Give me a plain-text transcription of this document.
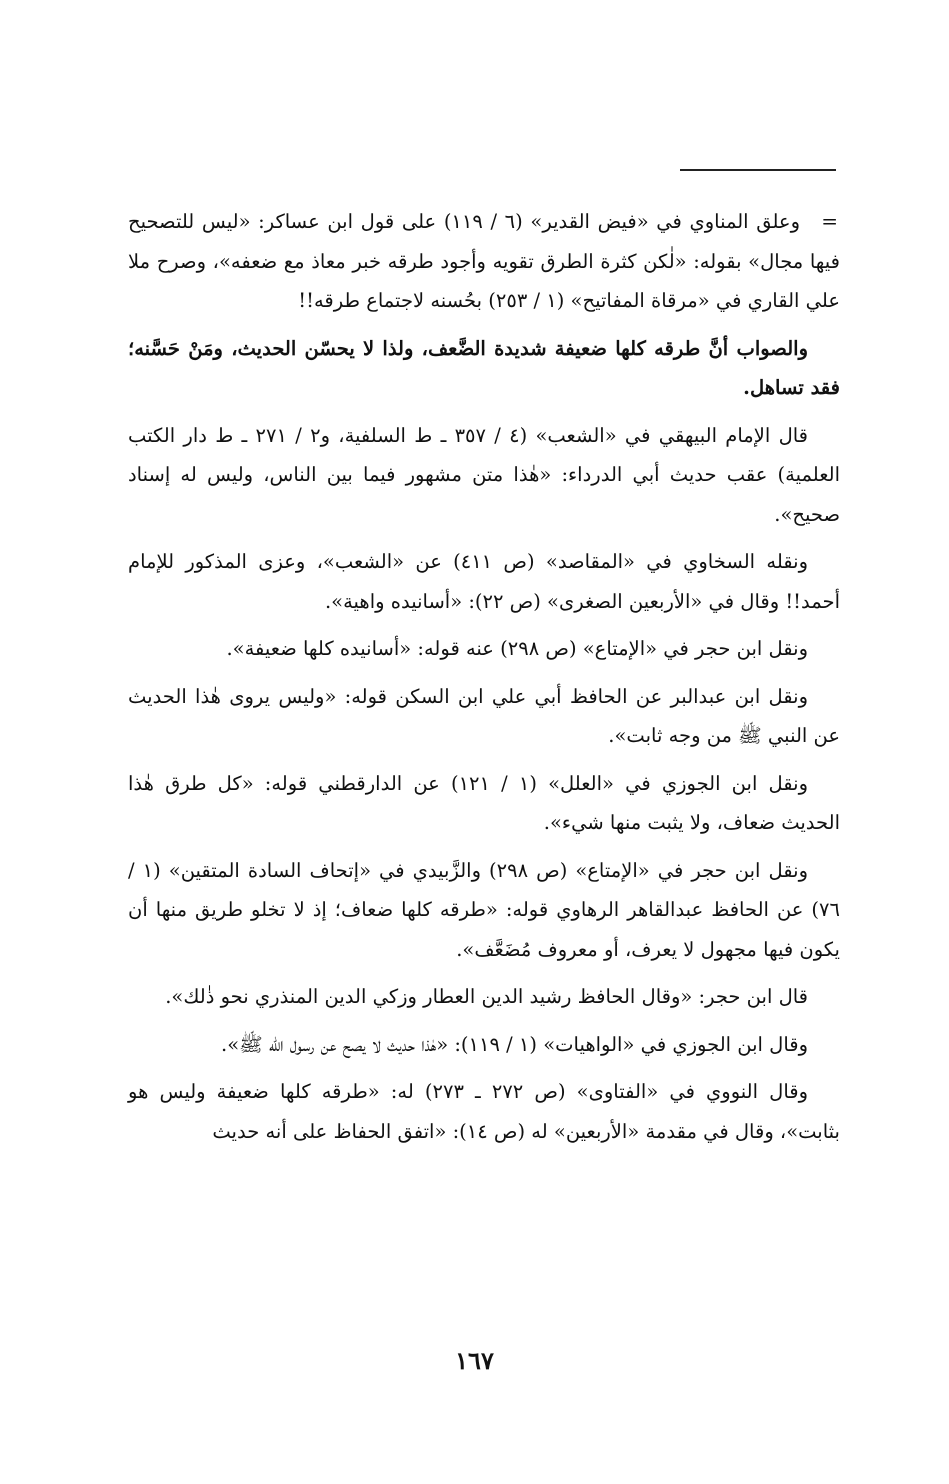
=

وعلق المناوي في «فيض القدير» (٦ / ١١٩) على قول ابن عساكر: «ليس للتصحيح فيها مجال» بقوله: «لٰكن كثرة الطرق تقويه وأجود طرقه خبر معاذ مع ضعفه»، وصرح ملا علي القاري في «مرقاة المفاتيح» (١ / ٢٥٣) بحُسنه لاجتماع طرقه!!

والصواب أنَّ طرقه كلها ضعيفة شديدة الضَّعف، ولذا لا يحسّن الحديث، ومَنْ حَسَّنه؛ فقد تساهل.

قال الإمام البيهقي في «الشعب» (٤ / ٣٥٧ ـ ط السلفية، و٢ / ٢٧١ ـ ط دار الكتب العلمية) عقب حديث أبي الدرداء: «هٰذا متن مشهور فيما بين الناس، وليس له إسناد صحيح».

ونقله السخاوي في «المقاصد» (ص ٤١١) عن «الشعب»، وعزى المذكور للإمام أحمد!! وقال في «الأربعين الصغرى» (ص ٢٢): «أسانيده واهية».

ونقل ابن حجر في «الإمتاع» (ص ٢٩٨) عنه قوله: «أسانيده كلها ضعيفة».

ونقل ابن عبدالبر عن الحافظ أبي علي ابن السكن قوله: «وليس يروى هٰذا الحديث عن النبي ﷺ من وجه ثابت».

ونقل ابن الجوزي في «العلل» (١ / ١٢١) عن الدارقطني قوله: «كل طرق هٰذا الحديث ضعاف، ولا يثبت منها شيء».

ونقل ابن حجر في «الإمتاع» (ص ٢٩٨) والزَّبيدي في «إتحاف السادة المتقين» (١ / ٧٦) عن الحافظ عبدالقاهر الرهاوي قوله: «طرقه كلها ضعاف؛ إذ لا تخلو طريق منها أن يكون فيها مجهول لا يعرف، أو معروف مُضَعَّف».

قال ابن حجر: «وقال الحافظ رشيد الدين العطار وزكي الدين المنذري نحو ذٰلك».

وقال ابن الجوزي في «الواهيات» (١ / ١١٩): «هٰذا حديث لا يصح عن رسول الله ﷺ».

وقال النووي في «الفتاوى» (ص ٢٧٢ ـ ٢٧٣) له: «طرقه كلها ضعيفة وليس هو بثابت»، وقال في مقدمة «الأربعين» له (ص ١٤): «اتفق الحفاظ على أنه حديث

١٦٧
